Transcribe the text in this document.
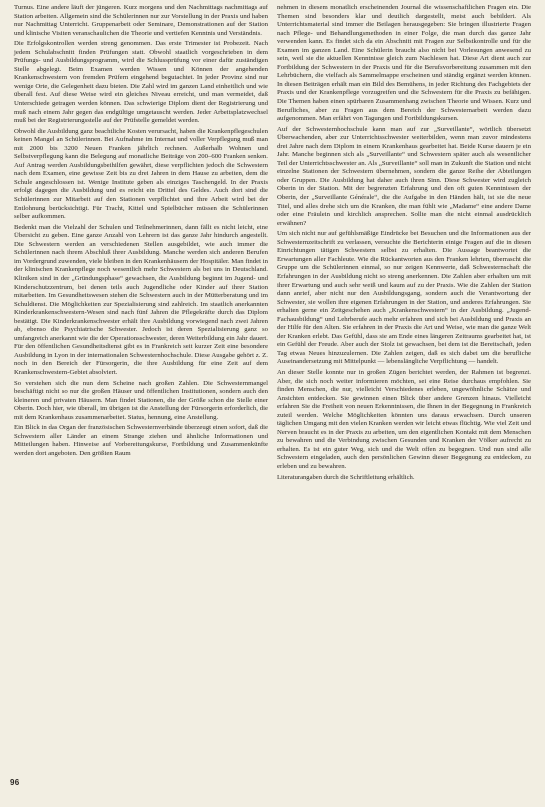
Turnus. Eine andere läuft der jüngeren. Kurz morgens und den Nachmittags nachmittags auf Station arbeiten. Allgemein sind die Schülerinnen nur zur Vorstellung in der Praxis und haben nur Nachmittag Unterricht. Gruppenarbeit oder Seminare, Demonstrationen auf der Station und klinische Visiten veranschaulichen die Theorie und vertiefen Kenntnis und Verständnis.

Die Erfolgskontrollen werden streng genommen. Das erste Trimester ist Probezeit. Nach jedem Schulabschnitt finden Prüfungen statt. Obwohl staatlich vorgeschrieben in dem Prüfungs- und Ausbildungsprogramm, wird die Schlussprüfung vor einer dafür zuständigen Stelle abgelegt. Beim Examen werden Wissen und Können der angehenden Krankenschwestern von fremden Prüfern eingehend begutachtet. In jeder Provinz sind nur wenige Orte, die Gelegenheit dazu bieten. Die Zahl wird im ganzen Land einheitlich und wie überall fest. Auf diese Weise wird ein gleiches Niveau erreicht, und man vermeidet, daß Unterschiede getragen werden können. Das schwierige Diplom dient der Registrierung und muß nach einem Jahr gegen das endgültige umgetauscht werden. Jeder Arbeitsplatzwechsel muß bei der Registrierungsstelle auf der Prüfstelle gemeldet werden.

Obwohl die Ausbildung ganz beachtliche Kosten verursacht, haben die Krankenpflegeschulen keinen Mangel an Schülerinnen. Bei Aufnahme im Internat und voller Verpflegung muß man mit 2000 bis 3200 Neuen Franken jährlich rechnen. Außerhalb Wohnen und Selbstverpflegung kann die Belegung auf monatliche Beiträge von 200–600 Franken senken. Auf Antrag werden Ausbildungsbeihilfen gewährt, diese verpflichten jedoch die Schwestern nach dem Examen, eine gewisse Zeit bis zu drei Jahren in dem Hause zu arbeiten, dem die Schule angeschlossen ist. Wenige Institute geben als einziges Taschengeld. In der Praxis erfolgt dagegen die Ausbildung und es reicht ein Drittel des Geldes. Auch dort sind die Schülerinnen zur Mitarbeit auf den Stationen verpflichtet und ihre Arbeit wird bei der Entlohnung berücksichtigt. Für Tracht, Kittel und Spielbücher müssen die Schülerinnen selber aufkommen.

Bedenkt man die Vielzahl der Schulen und Teilnehmerinnen, dann fällt es nicht leicht, eine Übersicht zu geben. Eine ganze Anzahl von Lehrern ist das ganze Jahr hindurch angestellt. Die Schwestern werden an verschiedenen Stellen ausgebildet, wie auch immer die Schülerinnen nach ihrem Abschluß ihrer Ausbildung. Manche werden sich anderen Berufen im Vordergrund zuwenden, viele bleiben in den Krankenhäusern der Hospitäler. Man findet in der klinischen Krankenpflege noch wesentlich mehr Schwestern als bei uns in Deutschland. Kliniken sind in der „Gründungsphase“ gewachsen, die Ausbildung beginnt im Jugend- und Kinderschutzzentrum, bei denen teils auch Jugendliche oder Kinder auf ihrer Station mitarbeiten. Im Gesundheitswesen stehen die Schwestern auch in der Mütterberatung und im Schuldienst. Die Möglichkeiten zur Spezialisierung sind zahlreich. Im staatlich anerkannten Kinderkrankenschwestern-Wesen sind nach fünf Jahren die Pflegekräfte durch das Diplom bestätigt. Die Kinderkrankenschwester erhält ihre Ausbildung vorwiegend nach zwei Jahren ab, ebenso die Psychiatrische Schwester. Jedoch ist deren Spezialisierung ganz so umfangreich anerkannt wie die der Operationsschwester, deren Weiterbildung ein Jahr dauert. Für den öffentlichen Gesundheitsdienst gibt es in Frankreich seit kurzer Zeit eine besondere Ausbildung in Lyon in der internationalen Schwesternhochschule. Diese Ausgabe gehört z. Z. noch in den Bereich der Fürsorgerin, die ihre Ausbildung für eine Zeit auf dem Krankenschwestern-Gebiet absolviert.

So verstehen sich die nun dem Scheine nach großen Zahlen. Die Schwesternmangel beschäftigt nicht so nur die großen Häuser und öffentlichen Institutionen, sondern auch den kleineren und privaten Häusern. Man findet Stationen, die der Größe schon die Stelle einer Oberin. Doch hier, wie überall, im übrigen ist die Anstellung der Fürsorgerin erforderlich, die mit dem Krankenhaus zusammenarbeitet. Status, hennung, eine Anstellung.

Ein Blick in das Organ der französischen Schwesternverbände überzeugt einen sofort, daß die Schwestern aller Länder an einem Strange ziehen und ähnliche Informationen und Mitteilungen haben. Hinweise auf Vorbereitungskurse, Fortbildung und Zusammenkünfte werden dort angeboten. Den größten Raum

nehmen in diesem monatlich erscheinenden Journal die wissenschaftlichen Fragen ein. Die Themen sind besonders klar und deutlich dargestellt, meist auch bebildert. Als Unterrichtsmaterial sind immer die Beilagen herausgegeben: Sie bringen illustrierte Fragen nach Pflege- und Behandlungsmethoden in einer Folge, die man durch das ganze Jahr verwenden kann. Es findet sich da ein Abschnitt mit Fragen zur Selbstkontrolle und für die Examen im ganzen Land. Eine Schülerin braucht also nicht bei Vorlesungen anwesend zu sein, weil sie die aktuellen Kenntnisse gleich zum Nachlesen hat. Diese Art dient auch zur Fortbildung der Schwestern in der Praxis und für die Berufsvorbereitung zusammen mit den Lehrbüchern, die vielfach als Sammelmappe erscheinen und ständig ergänzt werden können. In diesen Beiträgen erhält man ein Bild des Bemühens, in jeder Richtung des Fachgebiets der Praxis und der Krankenpflege vorzugreifen und die Schwestern für die Praxis zu befähigen. Die Themen haben einen spürbaren Zusammenhang zwischen Theorie und Wissen. Kurz und Berufliches, aber zu Fragen aus dem Bereich der Schwesternarbeit werden dazu aufgenommen. Man erfährt von Tagungen und Fortbildungskursen.

Auf der Schwesternhochschule kann man auf zur „Surveillante“, wörtlich übersetzt Überwachenden, aber zur Unterrichtsschwester weiterbilden, wenn man zuvor mindestens drei Jahre nach dem Diplom in einem Krankenhaus gearbeitet hat. Beide Kurse dauern je ein Jahr. Manche beginnen sich als „Surveillante“ und Schwestern später auch als wesentlicher Teil der Unterrichtsschwester an. Als „Surveillante“ soll man in Zukunft die Station und nicht einzelne Stationen der Schwestern übernehmen, sondern die ganze Reihe der Abteilungen oder Gruppen. Die Ausbildung hat daher auch ihren Sinn. Diese Schwester wird zugleich Oberin in der Station. Mit der begrenzten Erfahrung und den oft guten Kenntnissen der Oberin, der „Surveillante Générale“, die die Aufgabe in den Händen hält, ist sie die neue Titel, und alles drehe sich um die Kranken, die man fühlt wie „Madame“ eine andere Dame oder eine Fräulein und kirchlich ansprechen. Sollte man die nicht einmal ausdrücklich erwähnen?

Um sich nicht nur auf gefühlsmäßige Eindrücke bei Besuchen und die Informationen aus der Schwesternzeitschrift zu verlassen, versuchte die Berichterin einige Fragen auf die in diesen Einrichtungen tätigen Schwestern selbst zu erhalten. Die Aussage beantwortet die Erwartungen aller Fachleute. Wie die Rückantworten aus den Franken lehrten, überrascht die Gruppe um die Schülerinnen einmal, so nur zeigen Kennwerte, daß Schwesternschaft die Erfahrungen in der Ausbildung nicht so streng anerkennen. Die Zahlen aber erhalten um mit ihrer Erwartung und auch sehr weiß und kaum auf zu der Praxis. Wie die Zahlen der Station dann anrief, aber nicht nur den Ausbildungsgang, sondern auch die Verantwortung der Schwester, sie wollen ihre eigenen Erfahrungen in der Station, und anderes Erfahrungen. Sie erhalten gerne ein Zeitgeschehen auch „Krankenschwestern“ in der Ausbildung. „Jugend-Fachausbildung“ und Lehrberufe auch mehr erfahren und sich bei Ausbildung und Praxis an der Hilfe für den Alten. Sie erfahren in der Praxis die Art und Weise, wie man die ganze Welt der Kranken erlebt. Das Gefühl, dass sie am Ende eines längeren Zeitraums gearbeitet hat, ist ein Gefühl der Freude. Aber auch der Stolz ist gewachsen, bei dem ist die Bereitschaft, jeden Tag etwas Neues hinzuzulernen. Die Zahlen zeigen, daß es sich dabei um die berufliche Auseinandersetzung mit Mittelpunkt — lebenslängliche Verpflichtung — handelt.

An dieser Stelle konnte nur in großen Zügen berichtet werden, der Rahmen ist begrenzt. Aber, die sich noch weiter informieren möchten, sei eine Reise durchaus empfohlen. Sie finden Menschen, die nur, vielleicht Verschiedenes erleben, ungewöhnliche Schätze und Ansichten entdecken. Sie gewinnen einen Blick über andere Grenzen hinaus. Vielleicht erfahren Sie die Freiheit von neuen Erkenntnissen, die Ihnen in der Begegnung in Frankreich zuteil werden. Welche Möglichkeiten könnten uns daraus erwachsen. Durch unseren täglichen Umgang mit den vielen Kranken werden wir leicht etwas flüchtig. Wie viel Zeit und Nerven braucht es in der Praxis zu arbeiten, um den eigentlichen Kontakt mit dem Menschen zu bewahren und die Verbindung zwischen Gesunden und Kranken der Völker aufrecht zu erhalten. Es ist ein guter Weg, sich und die Welt offen zu begegnen. Und nun sind alle Schwestern eingeladen, auch den persönlichen Gewinn dieser Begegnung zu entdecken, zu erleben und zu bewahren.

Literaturangaben durch die Schriftleitung erhältlich.

96
